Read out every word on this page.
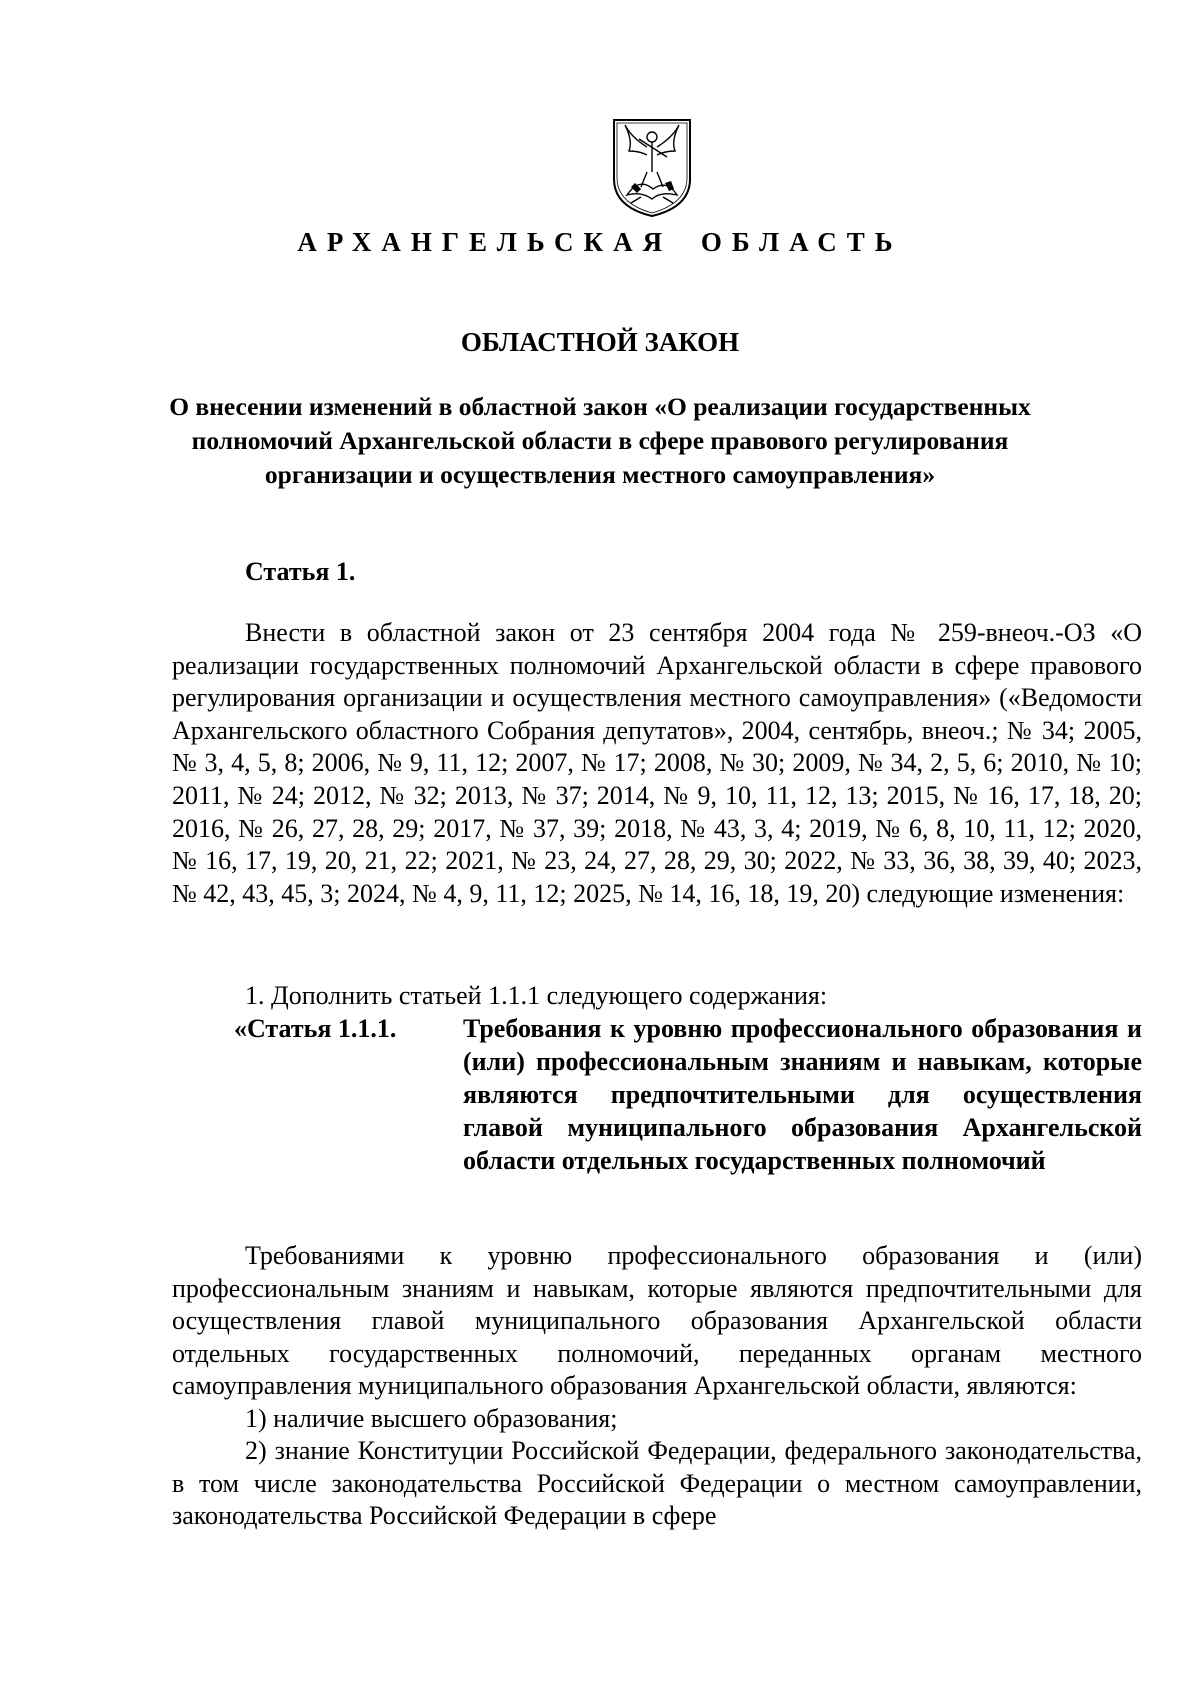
АРХАНГЕЛЬСКАЯ ОБЛАСТЬ
ОБЛАСТНОЙ ЗАКОН
О внесении изменений в областной закон «О реализации государственных полномочий Архангельской области в сфере правового регулирования организации и осуществления местного самоуправления»
Статья 1.

Внести в областной закон от 23 сентября 2004 года № 259-внеоч.-ОЗ «О реализации государственных полномочий Архангельской области в сфере правового регулирования организации и осуществления местного самоуправления» («Ведомости Архангельского областного Собрания депутатов», 2004, сентябрь, внеоч.; № 34; 2005, № 3, 4, 5, 8; 2006, № 9, 11, 12; 2007, № 17; 2008, № 30; 2009, № 34, 2, 5, 6; 2010, № 10; 2011, № 24; 2012, № 32; 2013, № 37; 2014, № 9, 10, 11, 12, 13; 2015, № 16, 17, 18, 20; 2016, № 26, 27, 28, 29; 2017, № 37, 39; 2018, № 43, 3, 4; 2019, № 6, 8, 10, 11, 12; 2020, № 16, 17, 19, 20, 21, 22; 2021, № 23, 24, 27, 28, 29, 30; 2022, № 33, 36, 38, 39, 40; 2023, № 42, 43, 45, 3; 2024, № 4, 9, 11, 12; 2025, № 14, 16, 18, 19, 20) следующие изменения:

1. Дополнить статьей 1.1.1 следующего содержания:
«Статья 1.1.1.	Требования к уровню профессионального образования и (или) профессиональным знаниям и навыкам, которые являются предпочтительными для осуществления главой муниципального образования Архангельской области отдельных государственных полномочий

Требованиями к уровню профессионального образования и (или) профессиональным знаниям и навыкам, которые являются предпочтительными для осуществления главой муниципального образования Архангельской области отдельных государственных полномочий, переданных органам местного самоуправления муниципального образования Архангельской области, являются:

1) наличие высшего образования;

2) знание Конституции Российской Федерации, федерального законодательства, в том числе законодательства Российской Федерации о местном самоуправлении, законодательства Российской Федерации в сфере
